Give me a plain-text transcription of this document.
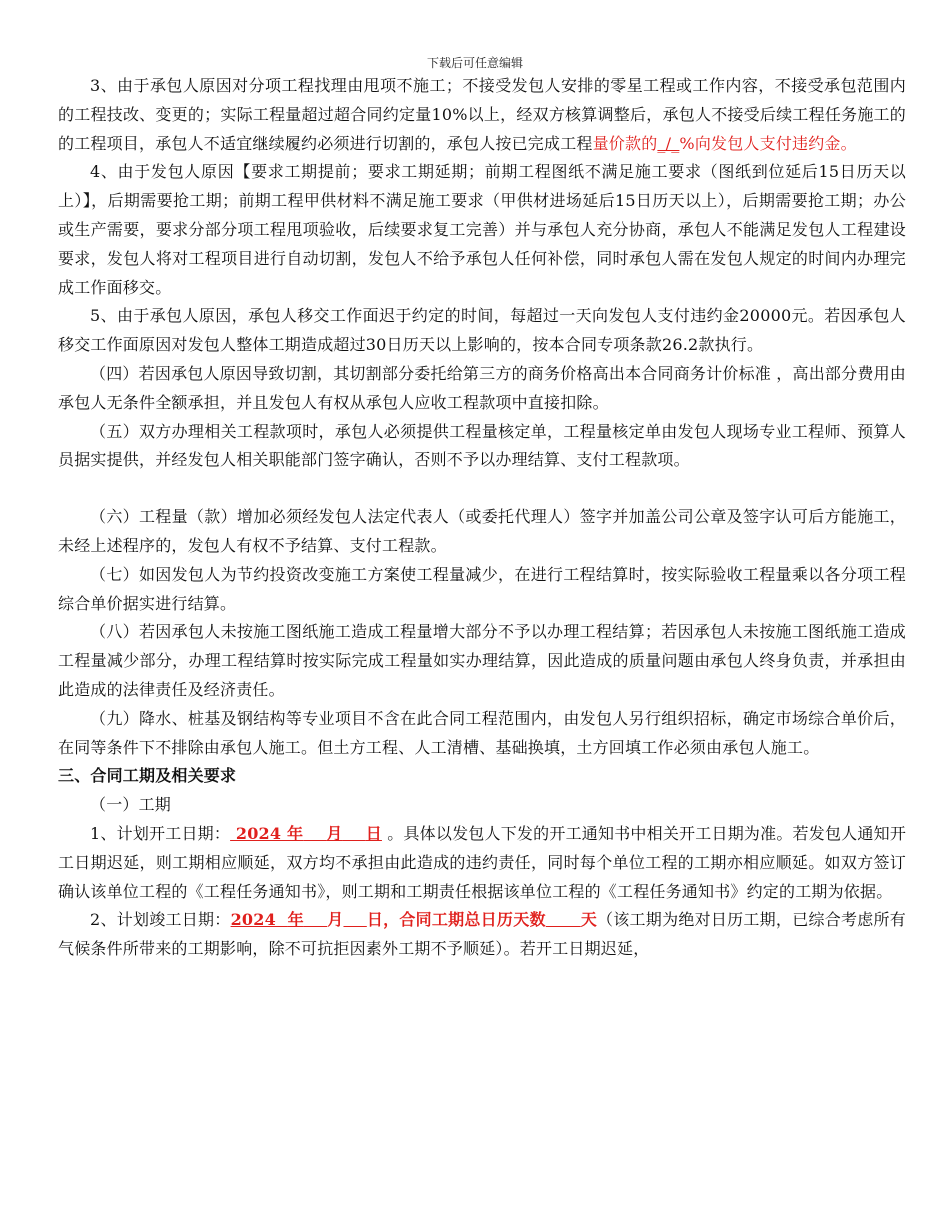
下载后可任意编辑

3、由于承包人原因对分项工程找理由甩项不施工；不接受发包人安排的零星工程或工作内容，不接受承包范围内的工程技改、变更的；实际工程量超过超合同约定量10%以上，经双方核算调整后，承包人不接受后续工程任务施工的的工程项目，承包人不适宜继续履约必须进行切割的，承包人按已完成工程量价款的_/_%向发包人支付违约金。

4、由于发包人原因【要求工期提前；要求工期延期；前期工程图纸不满足施工要求（图纸到位延后15日历天以上）】，后期需要抢工期；前期工程甲供材料不满足施工要求（甲供材进场延后15日历天以上），后期需要抢工期；办公或生产需要，要求分部分项工程甩项验收，后续要求复工完善）并与承包人充分协商，承包人不能满足发包人工程建设要求，发包人将对工程项目进行自动切割，发包人不给予承包人任何补偿，同时承包人需在发包人规定的时间内办理完成工作面移交。

5、由于承包人原因，承包人移交工作面迟于约定的时间，每超过一天向发包人支付违约金20000元。若因承包人移交工作面原因对发包人整体工期造成超过30日历天以上影响的，按本合同专项条款26.2款执行。

（四）若因承包人原因导致切割，其切割部分委托给第三方的商务价格高出本合同商务计价标准 ，高出部分费用由承包人无条件全额承担，并且发包人有权从承包人应收工程款项中直接扣除。

（五）双方办理相关工程款项时，承包人必须提供工程量核定单，工程量核定单由发包人现场专业工程师、预算人员据实提供，并经发包人相关职能部门签字确认，否则不予以办理结算、支付工程款项。

（六）工程量（款）增加必须经发包人法定代表人（或委托代理人）签字并加盖公司公章及签字认可后方能施工，未经上述程序的，发包人有权不予结算、支付工程款。

（七）如因发包人为节约投资改变施工方案使工程量减少，在进行工程结算时，按实际验收工程量乘以各分项工程综合单价据实进行结算。

（八）若因承包人未按施工图纸施工造成工程量增大部分不予以办理工程结算；若因承包人未按施工图纸施工造成工程量减少部分，办理工程结算时按实际完成工程量如实办理结算，因此造成的质量问题由承包人终身负责，并承担由此造成的法律责任及经济责任。

（九）降水、桩基及钢结构等专业项目不含在此合同工程范围内，由发包人另行组织招标，确定市场综合单价后，在同等条件下不排除由承包人施工。但土方工程、人工清槽、基础换填，土方回填工作必须由承包人施工。

三、合同工期及相关要求

（一）工期

1、计划开工日期： 2024 年 月 日 。具体以发包人下发的开工通知书中相关开工日期为准。若发包人通知开工日期迟延，则工期相应顺延，双方均不承担由此造成的违约责任，同时每个单位工程的工期亦相应顺延。如双方签订确认该单位工程的《工程任务通知书》，则工期和工期责任根据该单位工程的《工程任务通知书》约定的工期为依据。

2、计划竣工日期：2024  年 月 日，合同工期总日历天数 天（该工期为绝对日历工期，已综合考虑所有气候条件所带来的工期影响，除不可抗拒因素外工期不予顺延）。若开工日期迟延，
